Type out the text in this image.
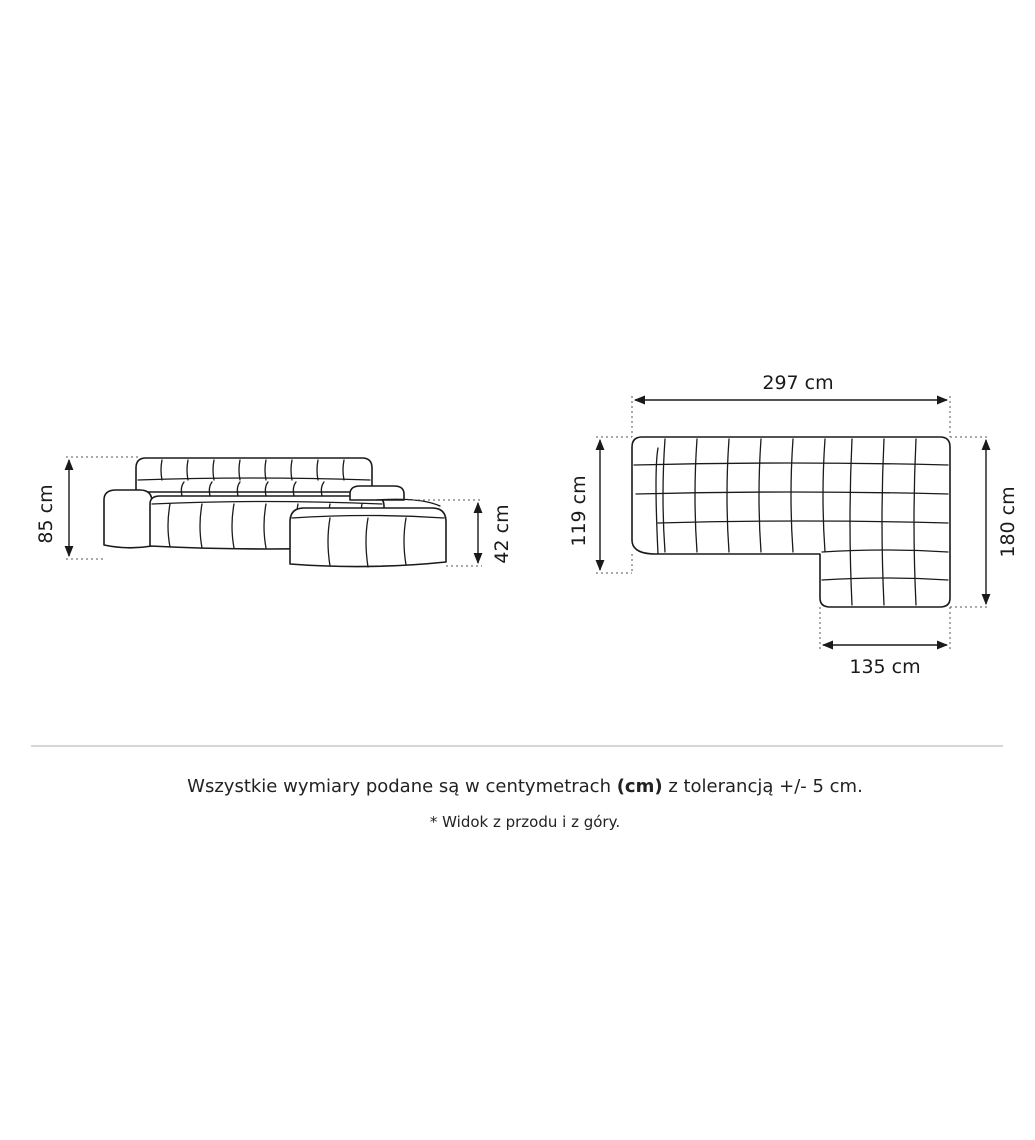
85 cm	42 cm
297 cm
119 cm	180 cm
135 cm
Wszystkie wymiary podane są w centymetrach (cm) z tolerancją +/- 5 cm.
* Widok z przodu i z góry.
